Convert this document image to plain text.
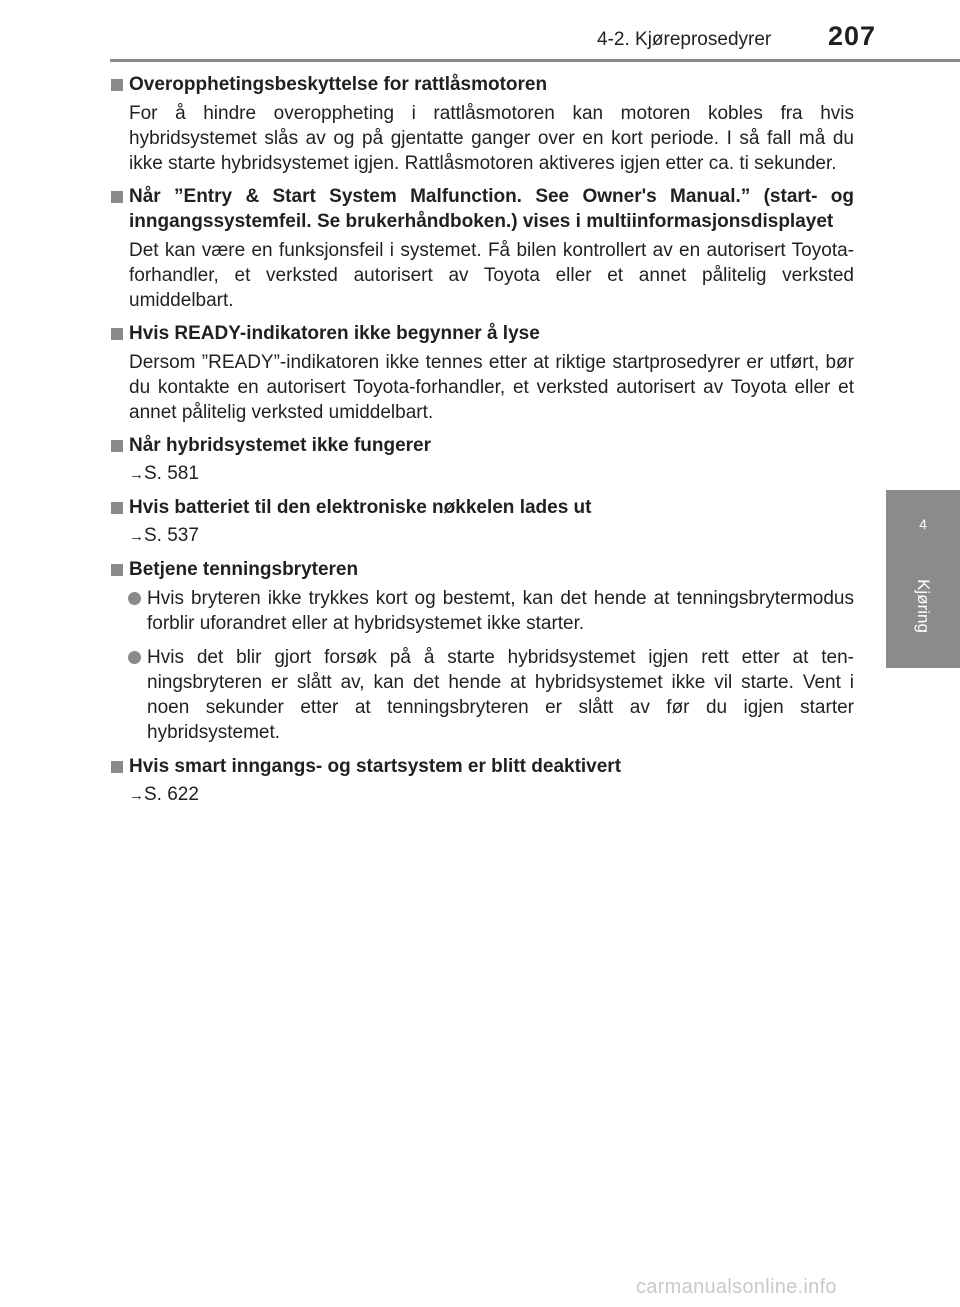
4-2. Kjøreprosedyrer 207
4
Kjøring
Overopphetingsbeskyttelse for rattlåsmotoren
For å hindre overoppheting i rattlåsmotoren kan motoren kobles fra hvis hybridsystemet slås av og på gjentatte ganger over en kort periode. I så fall må du ikke starte hybridsystemet igjen. Rattlåsmotoren aktiveres igjen etter ca. ti sekunder.
Når ”Entry & Start System Malfunction. See Owner's Manual.” (start- og inngangssystemfeil. Se brukerhåndboken.) vises i multiinformasjonsdisplayet
Det kan være en funksjonsfeil i systemet. Få bilen kontrollert av en autorisert Toyota-forhandler, et verksted autorisert av Toyota eller et annet pålitelig verksted umiddelbart.
Hvis READY-indikatoren ikke begynner å lyse
Dersom ”READY”-indikatoren ikke tennes etter at riktige startprosedyrer er utført, bør du kontakte en autorisert Toyota-forhandler, et verksted autorisert av Toyota eller et annet pålitelig verksted umiddelbart.
Når hybridsystemet ikke fungerer
→S. 581
Hvis batteriet til den elektroniske nøkkelen lades ut
→S. 537
Betjene tenningsbryteren
Hvis bryteren ikke trykkes kort og bestemt, kan det hende at tenningsbrytermodus forblir uforandret eller at hybridsystemet ikke starter.
Hvis det blir gjort forsøk på å starte hybridsystemet igjen rett etter at tenningsbryteren er slått av, kan det hende at hybridsystemet ikke vil starte. Vent i noen sekunder etter at tenningsbryteren er slått av før du igjen starter hybridsystemet.
Hvis smart inngangs- og startsystem er blitt deaktivert
→S. 622
carmanualsonline.info
